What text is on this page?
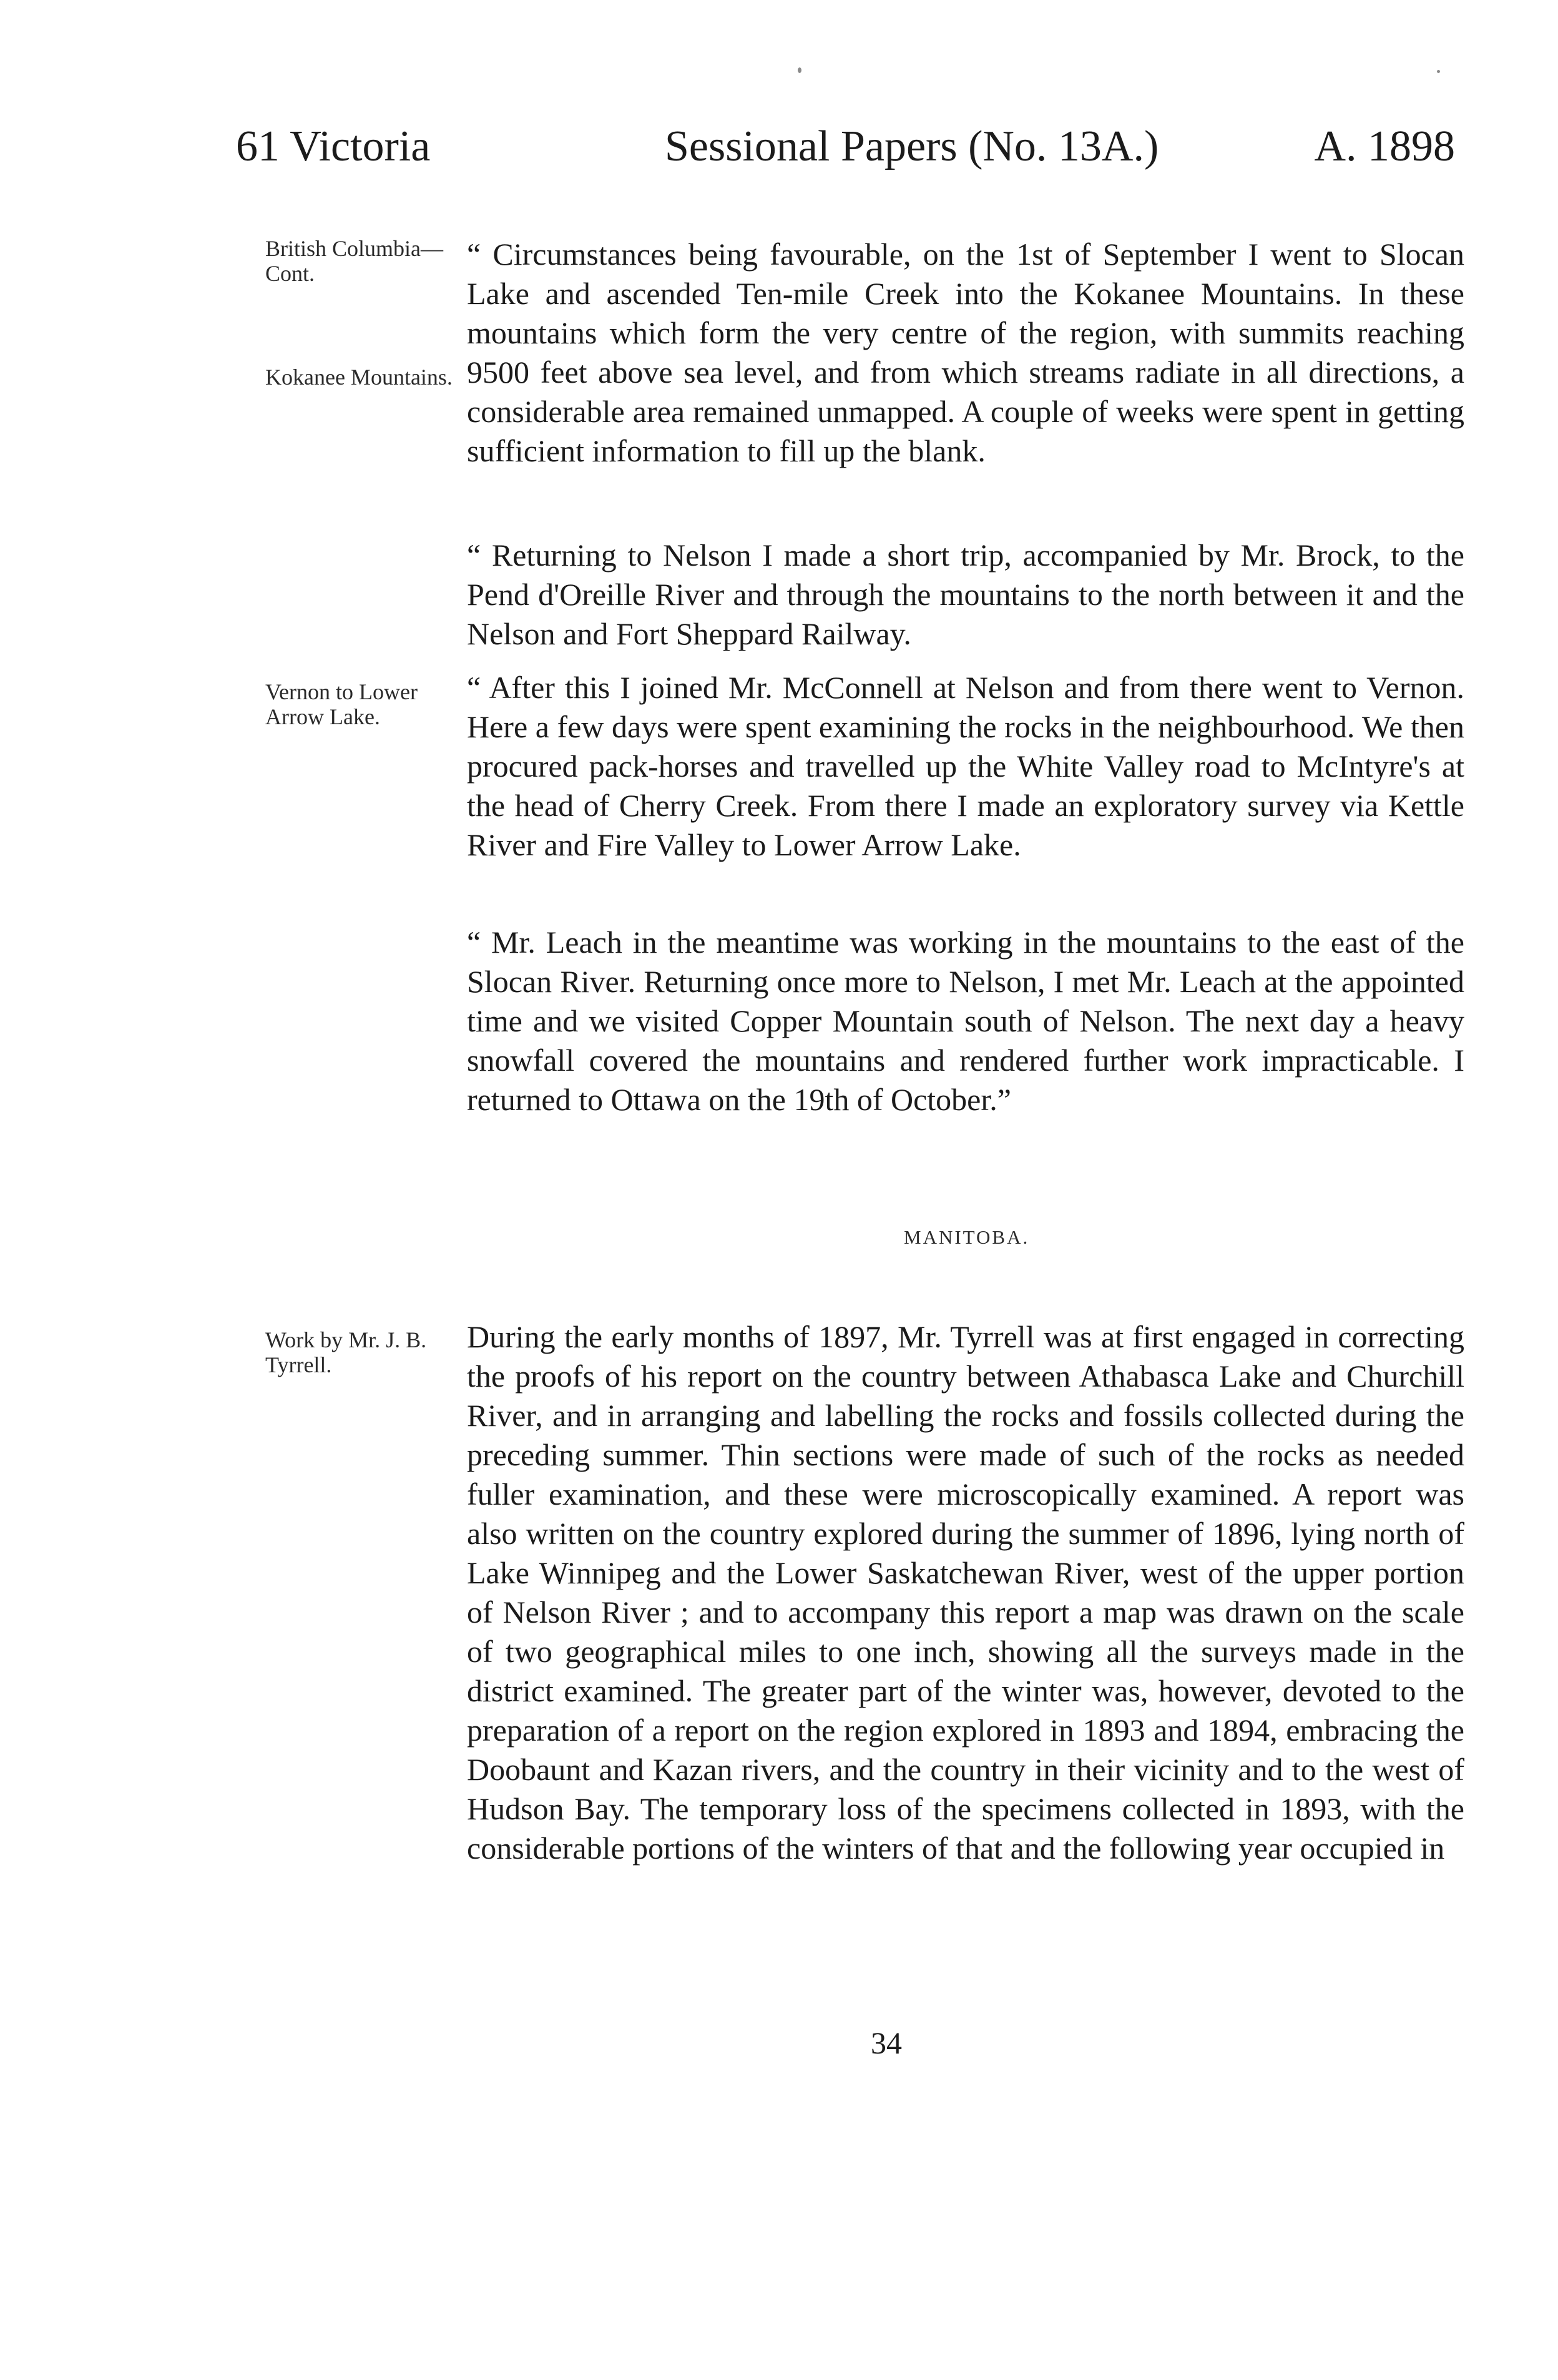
61 Victoria	Sessional Papers (No. 13A.)	A. 1898
British Columbia—Cont.
Kokanee Mountains.
Vernon to Lower Arrow Lake.
Work by Mr. J. B. Tyrrell.

“ Circumstances being favourable, on the 1st of September I went to Slocan Lake and ascended Ten-mile Creek into the Kokanee Mountains. In these mountains which form the very centre of the region, with summits reaching 9500 feet above sea level, and from which streams radiate in all directions, a considerable area remained unmapped. A couple of weeks were spent in getting sufficient information to fill up the blank.

“ Returning to Nelson I made a short trip, accompanied by Mr. Brock, to the Pend d'Oreille River and through the mountains to the north between it and the Nelson and Fort Sheppard Railway.

“ After this I joined Mr. McConnell at Nelson and from there went to Vernon. Here a few days were spent examining the rocks in the neighbourhood. We then procured pack-horses and travelled up the White Valley road to McIntyre's at the head of Cherry Creek. From there I made an exploratory survey via Kettle River and Fire Valley to Lower Arrow Lake.

“ Mr. Leach in the meantime was working in the mountains to the east of the Slocan River. Returning once more to Nelson, I met Mr. Leach at the appointed time and we visited Copper Mountain south of Nelson. The next day a heavy snowfall covered the mountains and rendered further work impracticable. I returned to Ottawa on the 19th of October.”

MANITOBA.

During the early months of 1897, Mr. Tyrrell was at first engaged in correcting the proofs of his report on the country between Athabasca Lake and Churchill River, and in arranging and labelling the rocks and fossils collected during the preceding summer. Thin sections were made of such of the rocks as needed fuller examination, and these were microscopically examined. A report was also written on the country explored during the summer of 1896, lying north of Lake Winnipeg and the Lower Saskatchewan River, west of the upper portion of Nelson River ; and to accompany this report a map was drawn on the scale of two geographical miles to one inch, showing all the surveys made in the district examined. The greater part of the winter was, however, devoted to the preparation of a report on the region explored in 1893 and 1894, embracing the Doobaunt and Kazan rivers, and the country in their vicinity and to the west of Hudson Bay. The temporary loss of the specimens collected in 1893, with the considerable portions of the winters of that and the following year occupied in

34
